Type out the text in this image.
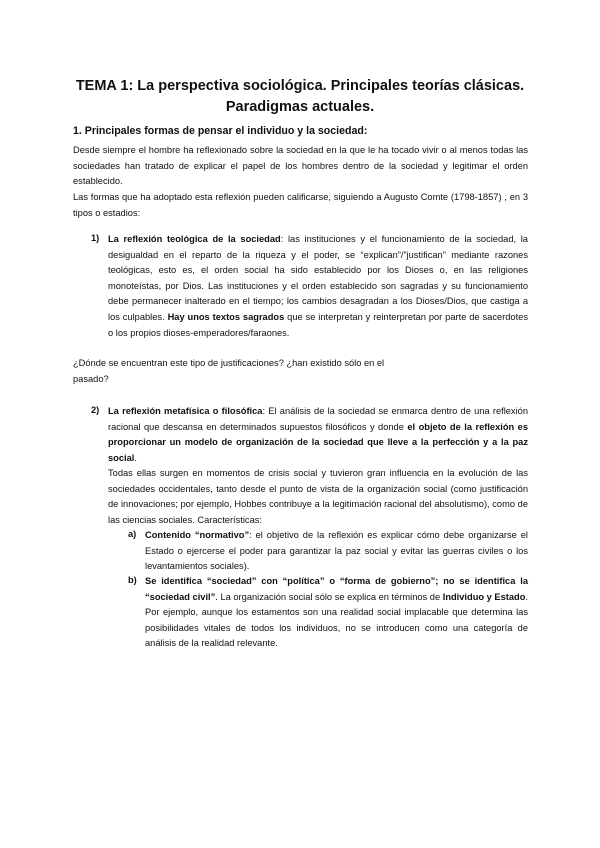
TEMA 1: La perspectiva sociológica. Principales teorías clásicas. Paradigmas actuales.
1. Principales formas de pensar el individuo y la sociedad:
Desde siempre el hombre ha reflexionado sobre la sociedad en la que le ha tocado vivir o al menos todas las sociedades han tratado de explicar el papel de los hombres dentro de la sociedad y legitimar el orden establecido.
Las formas que ha adoptado esta reflexión pueden calificarse, siguiendo a Augusto Comte (1798-1857) , en 3 tipos o estadios:
1) La reflexión teológica de la sociedad: las instituciones y el funcionamiento de la sociedad, la desigualdad en el reparto de la riqueza y el poder, se “explican”/”justifican” mediante razones teológicas, esto es, el orden social ha sido establecido por los Dioses o, en las religiones monoteístas, por Dios. Las instituciones y el orden establecido son sagradas y su funcionamiento debe permanecer inalterado en el tiempo; los cambios desagradan a los Dioses/Dios, que castiga a los culpables. Hay unos textos sagrados que se interpretan y reinterpretan por parte de sacerdotes o los propios dioses-emperadores/faraones.
¿Dónde se encuentran este tipo de justificaciones? ¿han existido sólo en el pasado?
2) La reflexión metafísica o filosófica: El análisis de la sociedad se enmarca dentro de una reflexión racional que descansa en determinados supuestos filosóficos y donde el objeto de la reflexión es proporcionar un modelo de organización de la sociedad que lleve a la perfección y a la paz social.
Todas ellas surgen en momentos de crisis social y tuvieron gran influencia en la evolución de las sociedades occidentales, tanto desde el punto de vista de la organización social (como justificación de innovaciones; por ejemplo, Hobbes contribuye a la legitimación racional del absolutismo), como de las ciencias sociales. Características:
a) Contenido “normativo”: el objetivo de la reflexión es explicar cómo debe organizarse el Estado o ejercerse el poder para garantizar la paz social y evitar las guerras civiles o los levantamientos sociales).
b) Se identifica “sociedad” con “política” o “forma de gobierno”; no se identifica la “sociedad civil”. La organización social sólo se explica en términos de Individuo y Estado. Por ejemplo, aunque los estamentos son una realidad social implacable que determina las posibilidades vitales de todos los individuos, no se introducen como una categoría de análisis de la realidad relevante.
